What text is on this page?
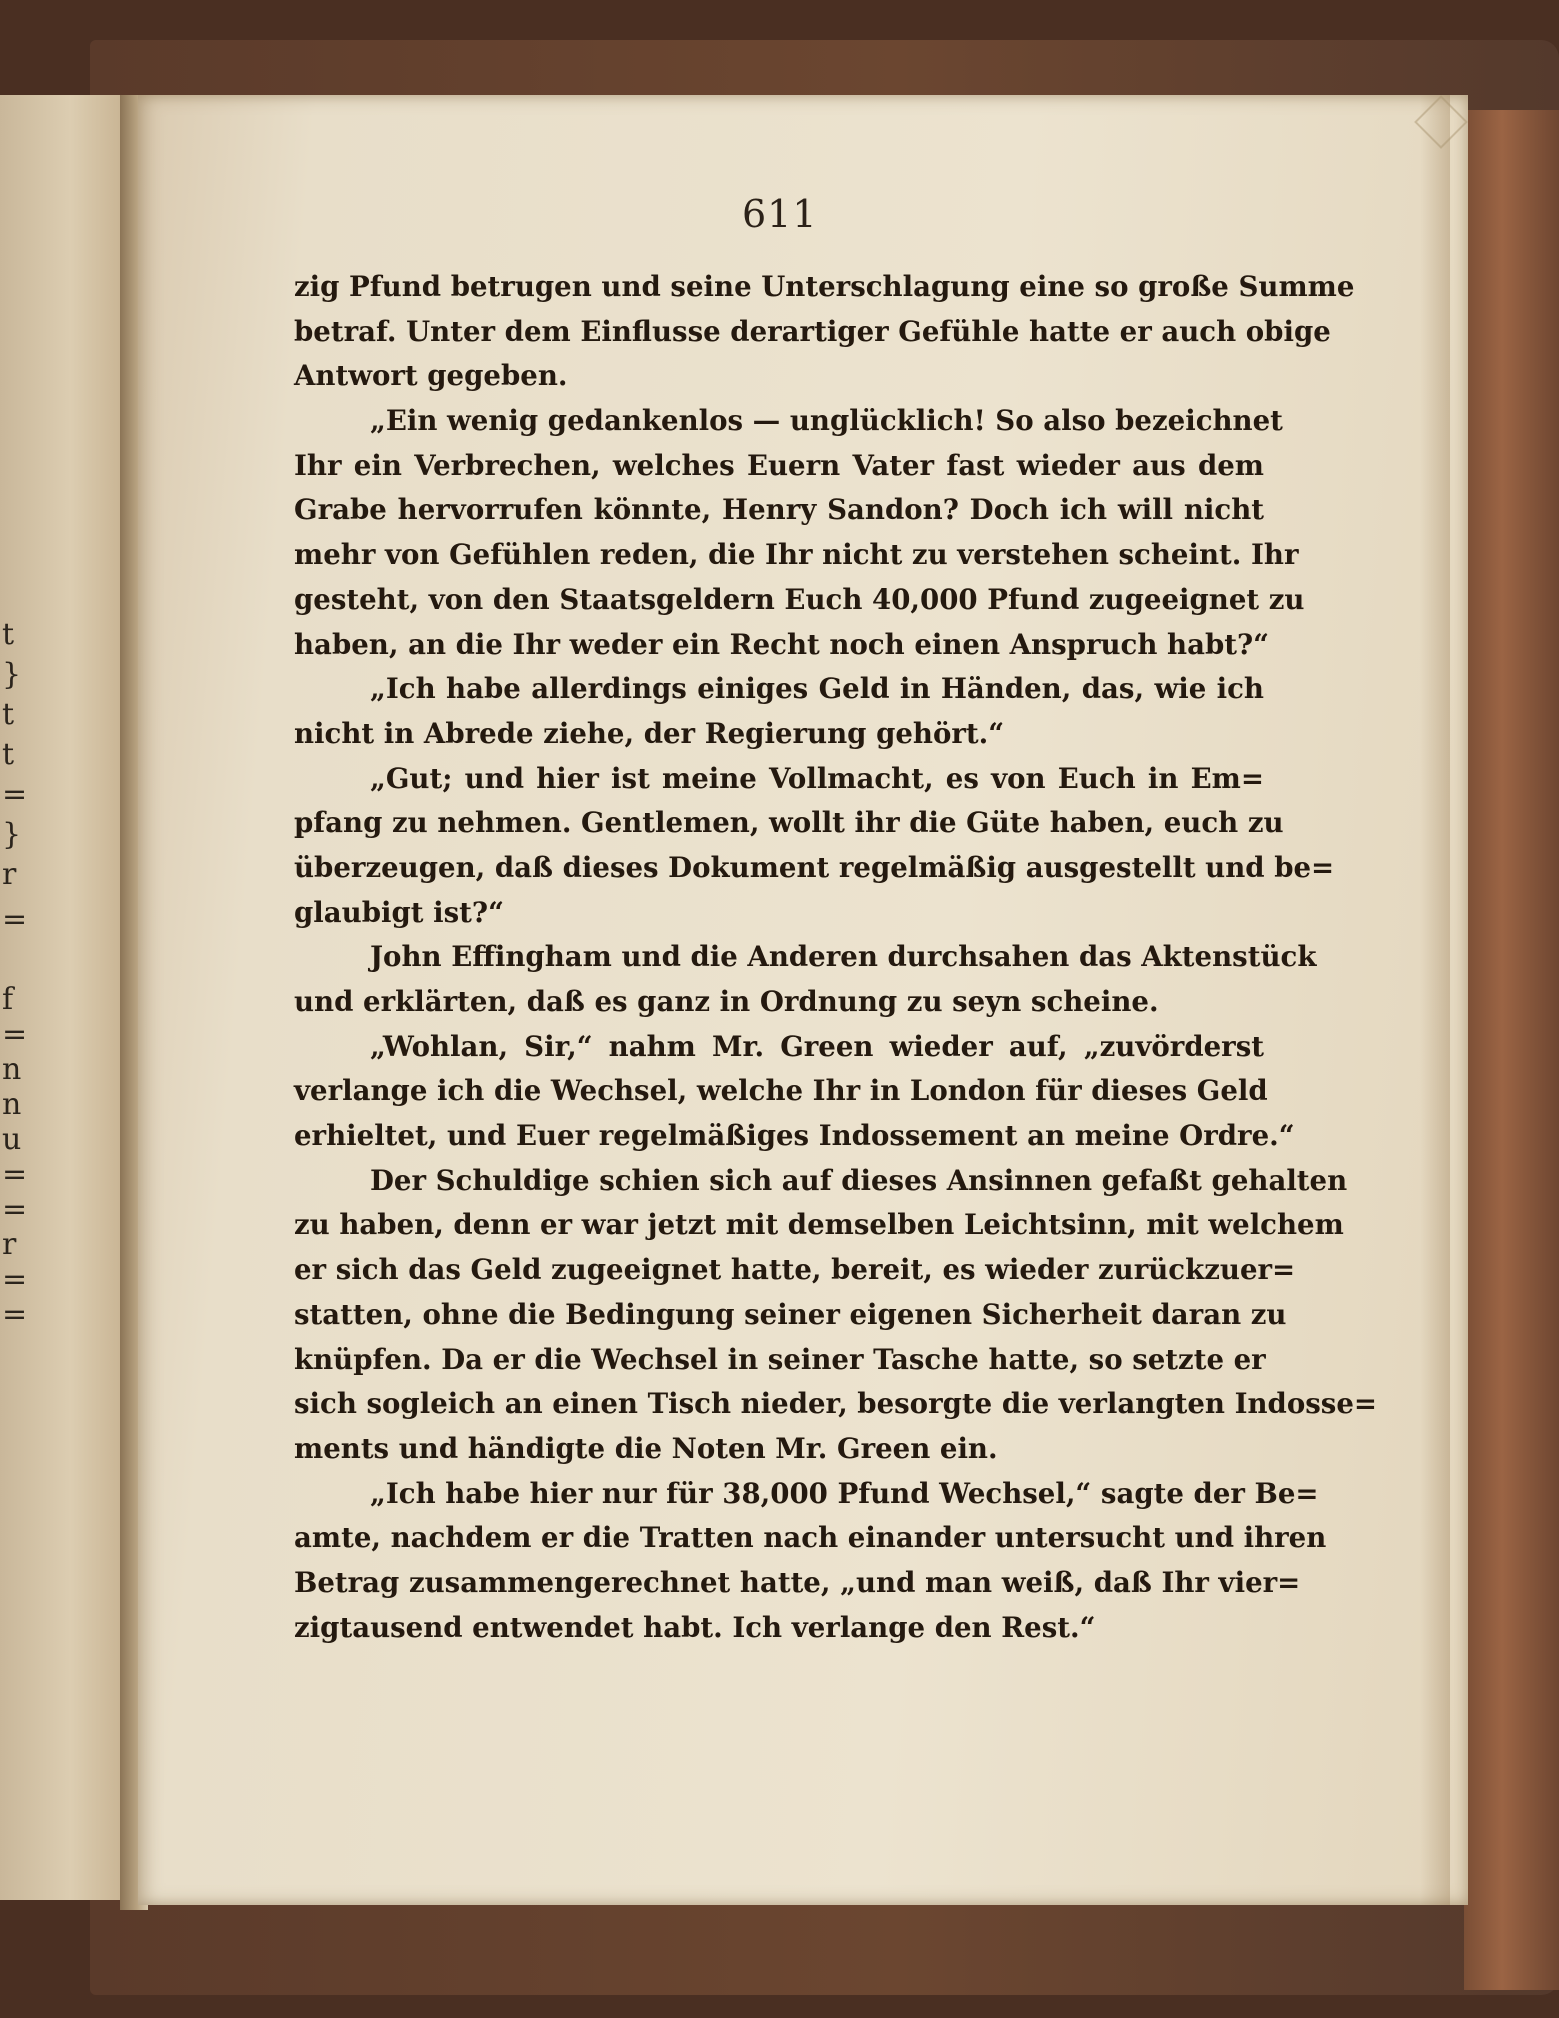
t
}
t
t
=
}
r
=
f
=
n
n
u
=
=
r
=
=
611
zig Pfund betrugen und seine Unterschlagung eine so große Summe
betraf. Unter dem Einflusse derartiger Gefühle hatte er auch obige
Antwort gegeben.
„Ein wenig gedankenlos — unglücklich! So also bezeichnet
Ihr ein Verbrechen, welches Euern Vater fast wieder aus dem
Grabe hervorrufen könnte, Henry Sandon? Doch ich will nicht
mehr von Gefühlen reden, die Ihr nicht zu verstehen scheint. Ihr
gesteht, von den Staatsgeldern Euch 40,000 Pfund zugeeignet zu
haben, an die Ihr weder ein Recht noch einen Anspruch habt?“
„Ich habe allerdings einiges Geld in Händen, das, wie ich
nicht in Abrede ziehe, der Regierung gehört.“
„Gut; und hier ist meine Vollmacht, es von Euch in Em=
pfang zu nehmen. Gentlemen, wollt ihr die Güte haben, euch zu
überzeugen, daß dieses Dokument regelmäßig ausgestellt und be=
glaubigt ist?“
John Effingham und die Anderen durchsahen das Aktenstück
und erklärten, daß es ganz in Ordnung zu seyn scheine.
„Wohlan, Sir,“ nahm Mr. Green wieder auf, „zuvörderst
verlange ich die Wechsel, welche Ihr in London für dieses Geld
erhieltet, und Euer regelmäßiges Indossement an meine Ordre.“
Der Schuldige schien sich auf dieses Ansinnen gefaßt gehalten
zu haben, denn er war jetzt mit demselben Leichtsinn, mit welchem
er sich das Geld zugeeignet hatte, bereit, es wieder zurückzuer=
statten, ohne die Bedingung seiner eigenen Sicherheit daran zu
knüpfen. Da er die Wechsel in seiner Tasche hatte, so setzte er
sich sogleich an einen Tisch nieder, besorgte die verlangten Indosse=
ments und händigte die Noten Mr. Green ein.
„Ich habe hier nur für 38,000 Pfund Wechsel,“ sagte der Be=
amte, nachdem er die Tratten nach einander untersucht und ihren
Betrag zusammengerechnet hatte, „und man weiß, daß Ihr vier=
zigtausend entwendet habt. Ich verlange den Rest.“
